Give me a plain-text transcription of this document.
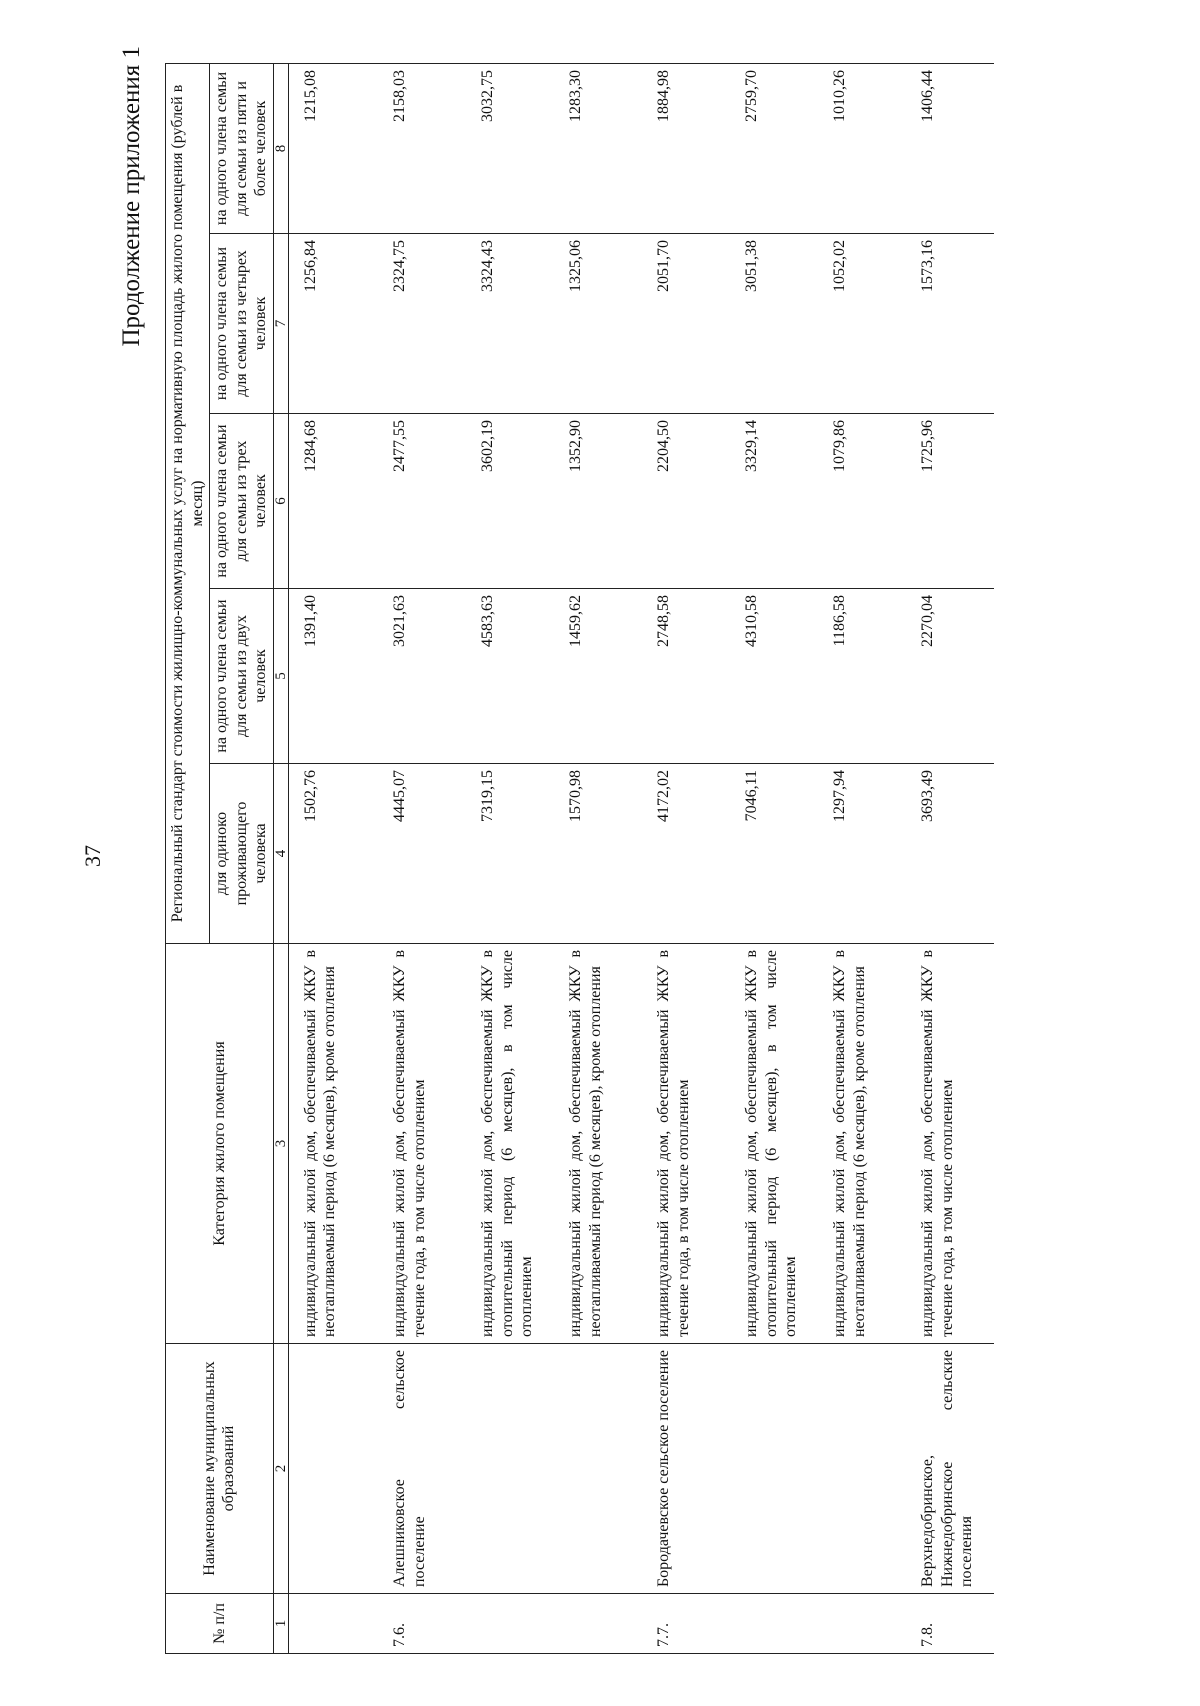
37
Продолжение приложения 1
№ п/п	Наименование муниципальных образований	Категория жилого помещения	Региональный стандарт стоимости жилищно-коммунальных услуг на нормативную площадь жилого помещения (рублей в месяц)				
			для одиноко проживающего человека	на одного члена семьи для семьи из двух человек	на одного члена семьи для семьи из трех человек	на одного члена семьи для семьи из четырех человек	на одного члена семьи для семьи из пяти и более человек
1	2	3	4	5	6	7	8
		индивидуальный жилой дом, обеспечиваемый ЖКУ в неотапливаемый период (6 месяцев), кроме отопления	1502,76	1391,40	1284,68	1256,84	1215,08
7.6.	Алешниковское сельское поселение	индивидуальный жилой дом, обеспечиваемый ЖКУ в течение года, в том числе отоплением	4445,07	3021,63	2477,55	2324,75	2158,03
		индивидуальный жилой дом, обеспечиваемый ЖКУ в отопительный период (6 месяцев), в том числе отоплением	7319,15	4583,63	3602,19	3324,43	3032,75
		индивидуальный жилой дом, обеспечиваемый ЖКУ в неотапливаемый период (6 месяцев), кроме отопления	1570,98	1459,62	1352,90	1325,06	1283,30
7.7.	Бородачевское сельское поселение	индивидуальный жилой дом, обеспечиваемый ЖКУ в течение года, в том числе отоплением	4172,02	2748,58	2204,50	2051,70	1884,98
		индивидуальный жилой дом, обеспечиваемый ЖКУ в отопительный период (6 месяцев), в том числе отоплением	7046,11	4310,58	3329,14	3051,38	2759,70
		индивидуальный жилой дом, обеспечиваемый ЖКУ в неотапливаемый период (6 месяцев), кроме отопления	1297,94	1186,58	1079,86	1052,02	1010,26
7.8.	Верхнедобринское, Нижнедобринское сельские поселения	индивидуальный жилой дом, обеспечиваемый ЖКУ в течение года, в том числе отоплением	3693,49	2270,04	1725,96	1573,16	1406,44
